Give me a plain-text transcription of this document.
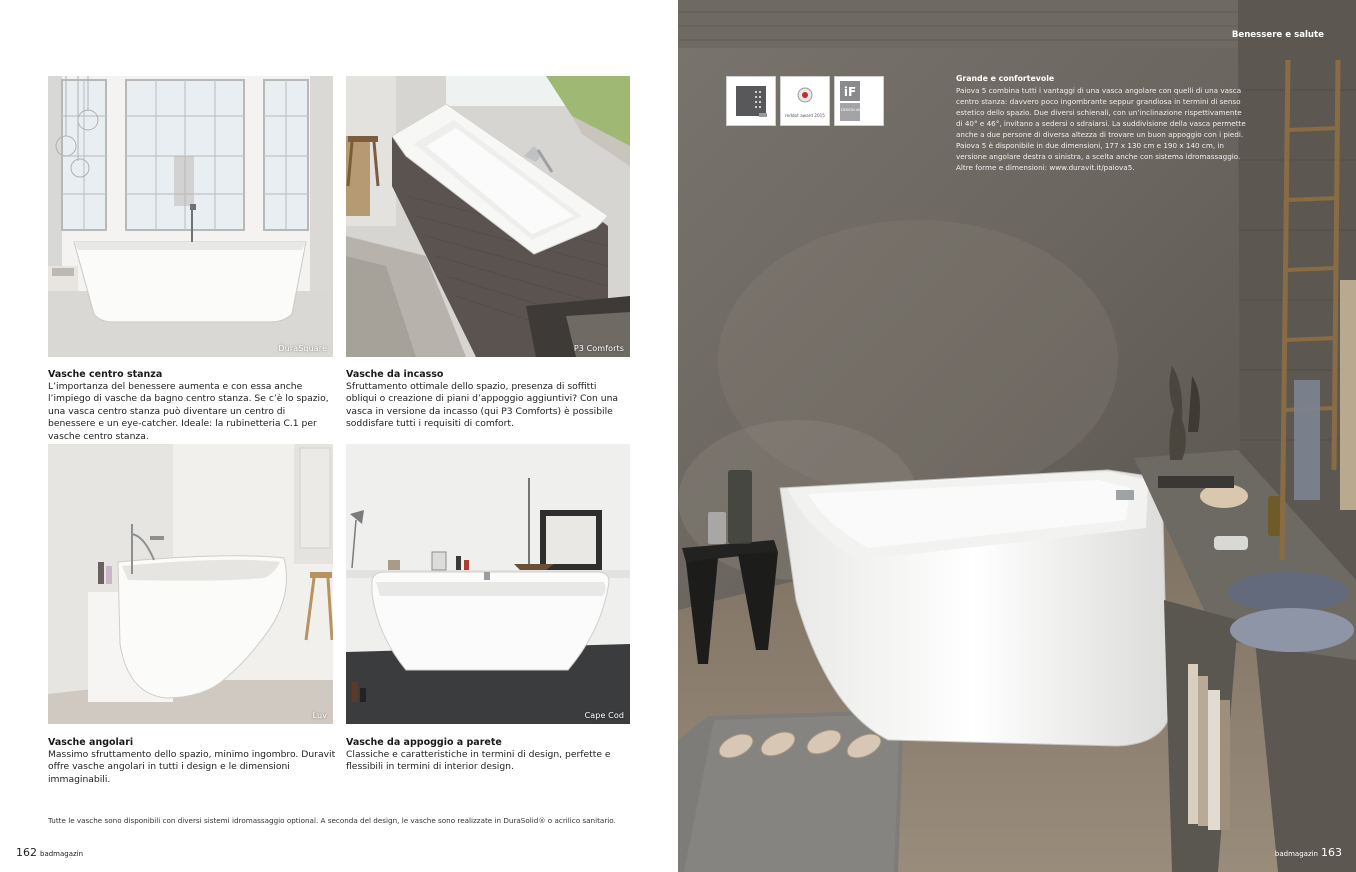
DuraSquare	P3 Comforts
Vasche centro stanza
L’importanza del benessere aumenta e con essa anche l’impiego di vasche da bagno centro stanza. Se c’è lo spazio, una vasca centro stanza può diventare un centro di benessere e un eye-catcher. Ideale: la rubinetteria C.1 per vasche centro stanza.
Vasche da incasso
Sfruttamento ottimale dello spazio, presenza di soffitti obliqui o creazione di piani d’appoggio aggiuntivi? Con una vasca in versione da incasso (qui P3 Comforts) è possibile soddisfare tutti i requisiti di comfort.
Luv	Cape Cod
Vasche angolari
Massimo sfruttamento dello spazio, minimo ingombro. Duravit offre vasche angolari in tutti i design e le dimensioni immaginabili.
Vasche da appoggio a parete
Classiche e caratteristiche in termini di design, perfette e flessibili in termini di interior design.
Tutte le vasche sono disponibili con diversi sistemi idromassaggio optional. A seconda del design, le vasche sono realizzate in DuraSolid® o acrilico sanitario.
162 badmagazin
Benessere e salute
reddot award 2015
iF
DESIGN AWARD 2015
Grande e confortevole
Paiova 5 combina tutti i vantaggi di una vasca angolare con quelli di una vasca centro stanza: davvero poco ingombrante seppur grandiosa in termini di senso estetico dello spazio. Due diversi schienali, con un’inclinazione rispettivamente di 40° e 46°, invitano a sedersi o sdraiarsi. La suddivisione della vasca permette anche a due persone di diversa altezza di trovare un buon appoggio con i piedi. Paiova 5 è disponibile in due dimensioni, 177 x 130 cm e 190 x 140 cm, in versione angolare destra o sinistra, a scelta anche con sistema idromassaggio. Altre forme e dimensioni: www.duravit.it/paiova5.
badmagazin 163
